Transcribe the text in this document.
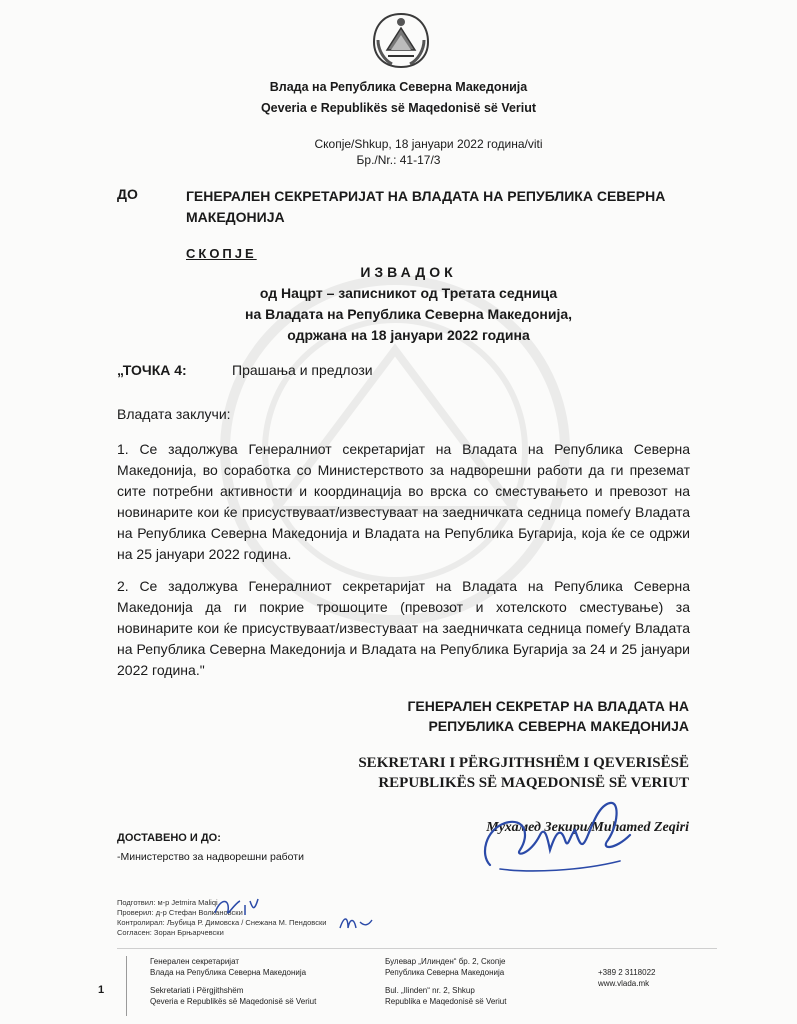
Влада на Република Северна Македонија
Qeveria e Republikës së Maqedonisë së Veriut
Скопје/Shkup, 18 јануари 2022 година/viti
Бр./Nr.: 41-17/3
ДО	ГЕНЕРАЛЕН СЕКРЕТАРИЈАТ НА ВЛАДАТА НА РЕПУБЛИКА СЕВЕРНА МАКЕДОНИЈА
СКОПЈЕ
ИЗВАДОК
од Нацрт – записникот од Третата седница
на Владата на Република Северна Македонија,
одржана на 18 јануари 2022 година
„ТОЧКА 4:	Прашања и предлози
Владата заклучи:
1. Се задолжува Генералниот секретаријат на Владата на Република Северна Македонија, во соработка со Министерството за надворешни работи да ги преземат сите потребни активности и координација во врска со сместувањето и превозот на новинарите кои ќе присуствуваат/известуваат на заедничката седница помеѓу Владата на Република Северна Македонија и Владата на Република Бугарија, која ќе се одржи на 25 јануари 2022 година.
2. Се задолжува Генералниот секретаријат на Владата на Република Северна Македонија да ги покрие трошоците (превозот и хотелското сместување) за новинарите кои ќе присуствуваат/известуваат на заедничката седница помеѓу Владата на Република Северна Македонија и Владата на Република Бугарија за 24 и 25 јануари 2022 година."
ГЕНЕРАЛЕН СЕКРЕТАР НА ВЛАДАТА НА
РЕПУБЛИКА СЕВЕРНА МАКЕДОНИЈА
SEKRETARI I PËRGJITHSHËM I QEVERISËSË
REPUBLIKËS SË MAQEDONISË SË VERIUT
Мухамед Зекири/Muhamed Zeqiri
ДОСТАВЕНО И ДО:
-Министерство за надворешни работи
Подготвил: м-р Jetmira Maliqi
Проверил: д-р Стефан Волкановски
Контролирал: Љубица Р. Димовска / Снежана М. Пендовски
Согласен: Зоран Брњарчевски
1
Генерален секретаријат
Влада на Република Северна Македонија
Sekretariati i Përgjithshëm
Qeveria e Republikës së Maqedonisë së Veriut
Булевар „Илинден“ бр. 2, Скопје
Република Северна Македонија
Bul. „Ilinden“ nr. 2, Shkup
Republika e Maqedonisë së Veriut
+389 2 3118022
www.vlada.mk
